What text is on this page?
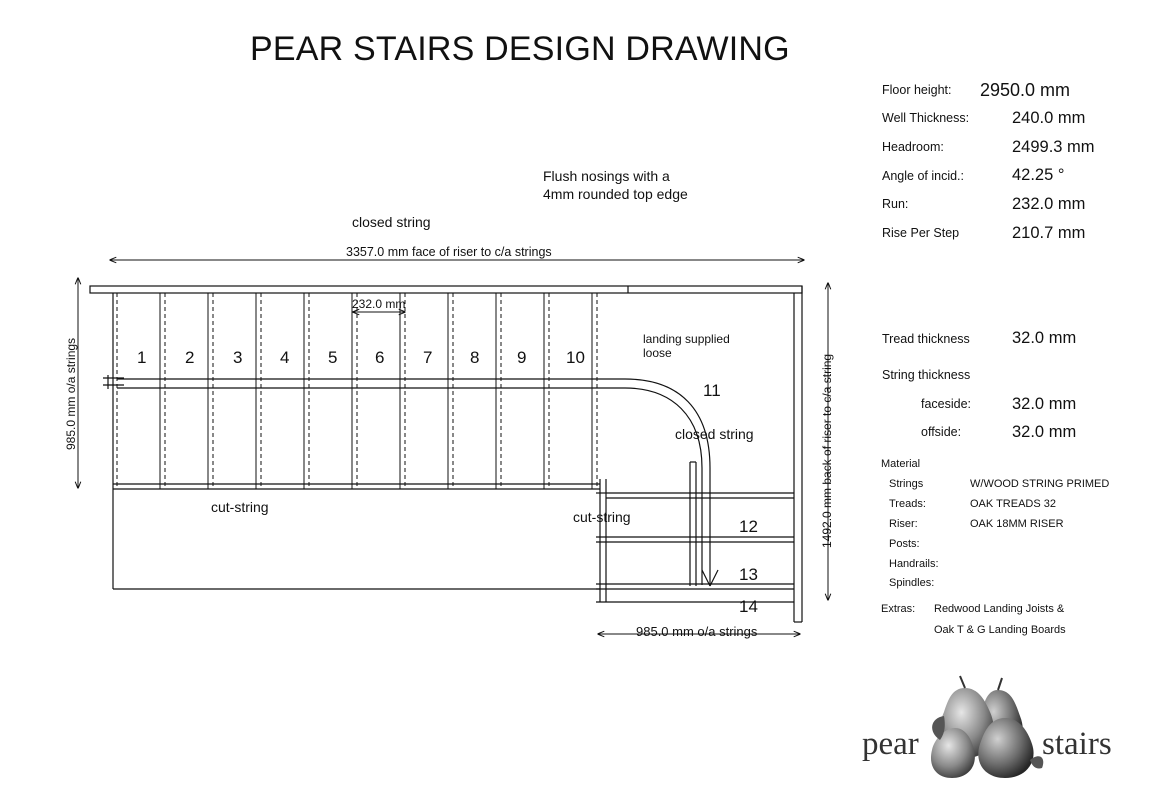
PEAR STAIRS DESIGN DRAWING
Flush nosings with a
4mm rounded top edge
closed string
3357.0 mm face of riser to c/a strings
232.0 mm
985.0 mm o/a strings	1492.0 mm back of riser to c/a string
985.0 mm o/a strings
landing supplied
loose
closed string
cut-string
cut-string
1 2 3 4 5 6 7 8 9 10
11
12
13
14
Floor height: 2950.0 mm
Well Thickness:	240.0 mm
Headroom:	2499.3 mm
Angle of incid.:	42.25 °
Run:	232.0 mm
Rise Per Step	210.7 mm
Tread thickness	32.0 mm
String thickness
faceside: 32.0 mm
offside:	32.0 mm
Material
Strings	W/WOOD STRING PRIMED
Treads:	OAK TREADS 32
Riser:	OAK 18MM RISER
Posts:
Handrails:
Spindles:
Extras: Redwood Landing Joists &
Oak T & G Landing Boards
pear	stairs
